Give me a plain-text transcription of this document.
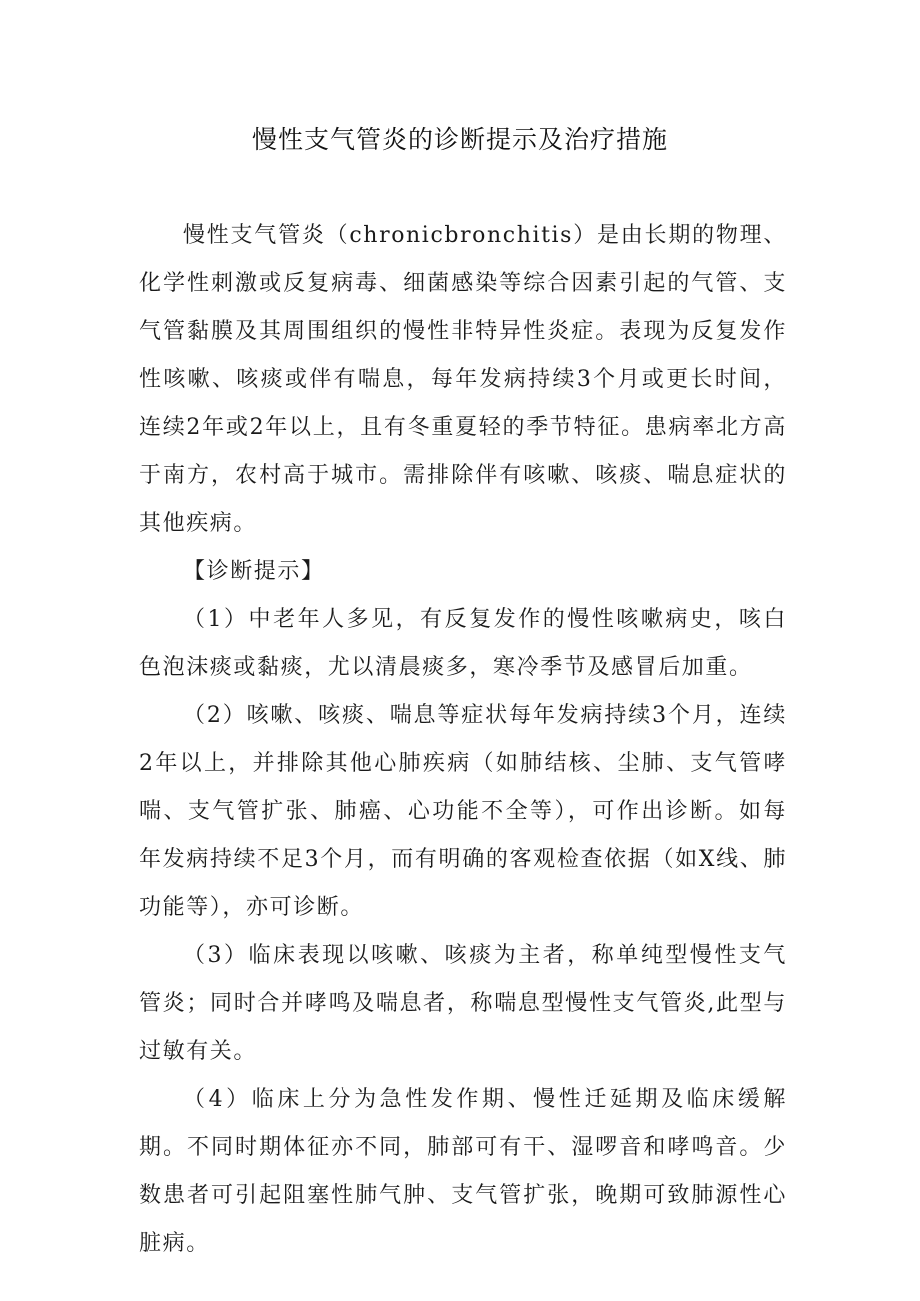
慢性支气管炎的诊断提示及治疗措施

慢性支气管炎（chronicbronchitis）是由长期的物理、化学性刺激或反复病毒、细菌感染等综合因素引起的气管、支气管黏膜及其周围组织的慢性非特异性炎症。表现为反复发作性咳嗽、咳痰或伴有喘息，每年发病持续3个月或更长时间，连续2年或2年以上，且有冬重夏轻的季节特征。患病率北方高于南方，农村高于城市。需排除伴有咳嗽、咳痰、喘息症状的其他疾病。

【诊断提示】

（1）中老年人多见，有反复发作的慢性咳嗽病史，咳白色泡沫痰或黏痰，尤以清晨痰多，寒冷季节及感冒后加重。

（2）咳嗽、咳痰、喘息等症状每年发病持续3个月，连续2年以上，并排除其他心肺疾病（如肺结核、尘肺、支气管哮喘、支气管扩张、肺癌、心功能不全等），可作出诊断。如每年发病持续不足3个月，而有明确的客观检查依据（如X线、肺功能等），亦可诊断。

（3）临床表现以咳嗽、咳痰为主者，称单纯型慢性支气管炎；同时合并哮鸣及喘息者，称喘息型慢性支气管炎,此型与过敏有关。

（4）临床上分为急性发作期、慢性迁延期及临床缓解期。不同时期体征亦不同，肺部可有干、湿啰音和哮鸣音。少数患者可引起阻塞性肺气肿、支气管扩张，晚期可致肺源性心脏病。
